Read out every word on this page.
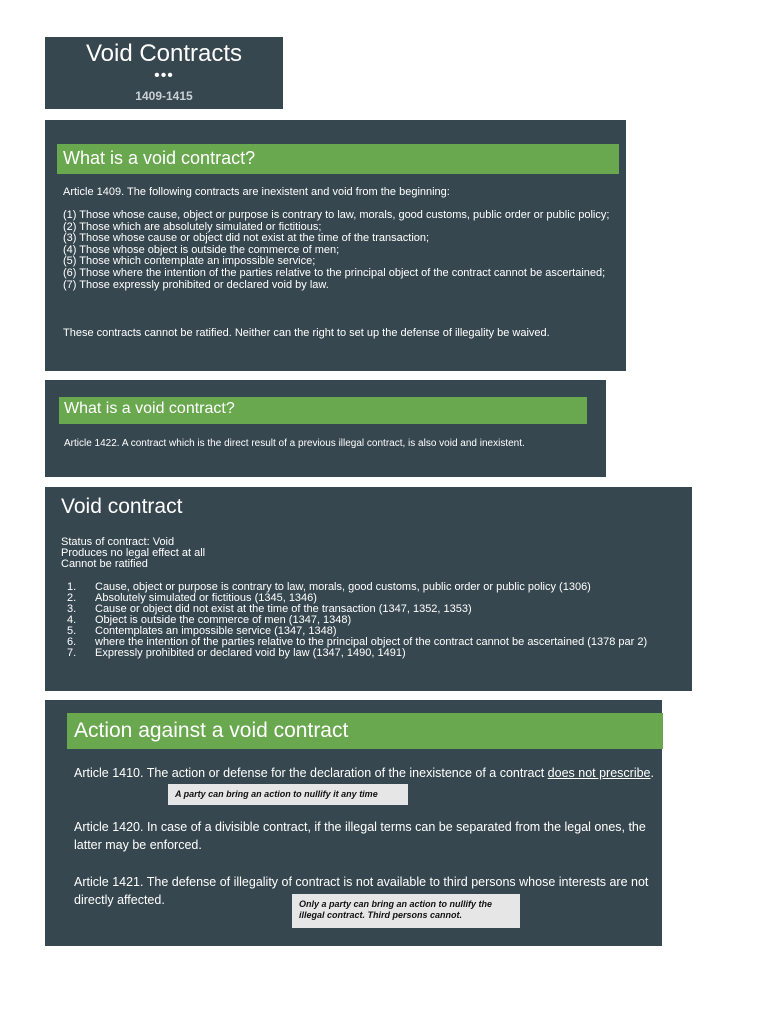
Void Contracts
•••
1409-1415
What is a void contract?

Article 1409. The following contracts are inexistent and void from the beginning:

(1) Those whose cause, object or purpose is contrary to law, morals, good customs, public order or public policy;
(2) Those which are absolutely simulated or fictitious;
(3) Those whose cause or object did not exist at the time of the transaction;
(4) Those whose object is outside the commerce of men;
(5) Those which contemplate an impossible service;
(6) Those where the intention of the parties relative to the principal object of the contract cannot be ascertained;
(7) Those expressly prohibited or declared void by law.

These contracts cannot be ratified. Neither can the right to set up the defense of illegality be waived.

What is a void contract?

Article 1422. A contract which is the direct result of a previous illegal contract, is also void and inexistent.

Void contract
Status of contract: Void
Produces no legal effect at all
Cannot be ratified
1.	Cause, object or purpose is contrary to law, morals, good customs, public order or public policy (1306)
2.	Absolutely simulated or fictitious (1345, 1346)
3.	Cause or object did not exist at the time of the transaction (1347, 1352, 1353)
4.	Object is outside the commerce of men (1347, 1348)
5.	Contemplates an impossible service (1347, 1348)
6.	where the intention of the parties relative to the principal object of the contract cannot be ascertained (1378 par 2)
7.	Expressly prohibited or declared void by law (1347, 1490, 1491)
Action against a void contract

Article 1410. The action or defense for the declaration of the inexistence of a contract does not prescribe.

Article 1420. In case of a divisible contract, if the illegal terms can be separated from the legal ones, the latter may be enforced.

Article 1421. The defense of illegality of contract is not available to third persons whose interests are not directly affected.

A party can bring an action to nullify it any time
Only a party can bring an action to nullify the illegal contract. Third persons cannot.
